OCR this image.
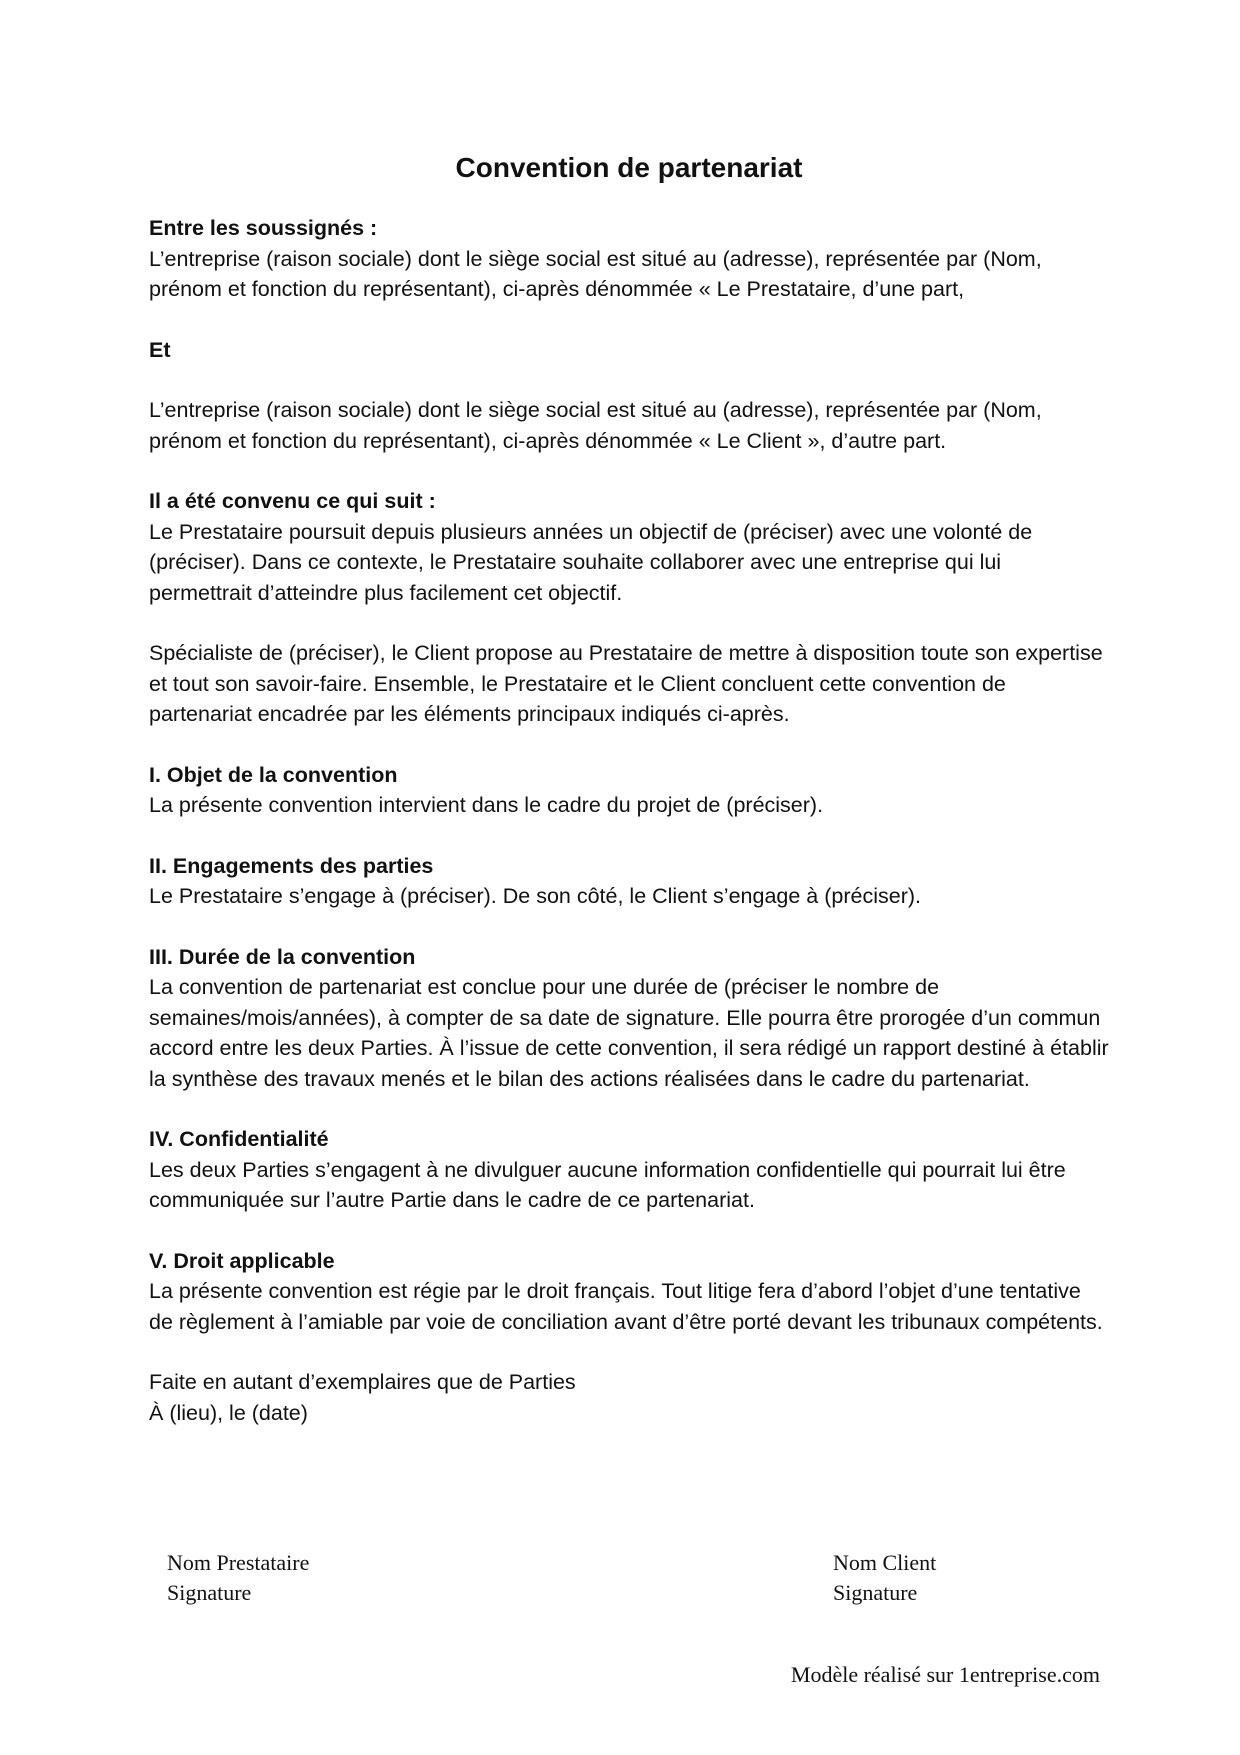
Convention de partenariat
Entre les soussignés :
L’entreprise (raison sociale) dont le siège social est situé au (adresse), représentée par (Nom, prénom et fonction du représentant), ci-après dénommée « Le Prestataire, d’une part,
Et
L’entreprise (raison sociale) dont le siège social est situé au (adresse), représentée par (Nom, prénom et fonction du représentant), ci-après dénommée « Le Client », d’autre part.
Il a été convenu ce qui suit :
Le Prestataire poursuit depuis plusieurs années un objectif de (préciser) avec une volonté de (préciser). Dans ce contexte, le Prestataire souhaite collaborer avec une entreprise qui lui permettrait d’atteindre plus facilement cet objectif.
Spécialiste de (préciser), le Client propose au Prestataire de mettre à disposition toute son expertise et tout son savoir-faire. Ensemble, le Prestataire et le Client concluent cette convention de partenariat encadrée par les éléments principaux indiqués ci-après.
I. Objet de la convention
La présente convention intervient dans le cadre du projet de (préciser).
II. Engagements des parties
Le Prestataire s’engage à (préciser). De son côté, le Client s’engage à (préciser).
III. Durée de la convention
La convention de partenariat est conclue pour une durée de (préciser le nombre de semaines/mois/années), à compter de sa date de signature. Elle pourra être prorogée d’un commun accord entre les deux Parties. À l’issue de cette convention, il sera rédigé un rapport destiné à établir la synthèse des travaux menés et le bilan des actions réalisées dans le cadre du partenariat.
IV. Confidentialité
Les deux Parties s’engagent à ne divulguer aucune information confidentielle qui pourrait lui être communiquée sur l’autre Partie dans le cadre de ce partenariat.
V. Droit applicable
La présente convention est régie par le droit français. Tout litige fera d’abord l’objet d’une tentative de règlement à l’amiable par voie de conciliation avant d’être porté devant les tribunaux compétents.
Faite en autant d’exemplaires que de Parties
À (lieu), le (date)
Nom Prestataire
Signature
Nom Client
Signature
Modèle réalisé sur 1entreprise.com
